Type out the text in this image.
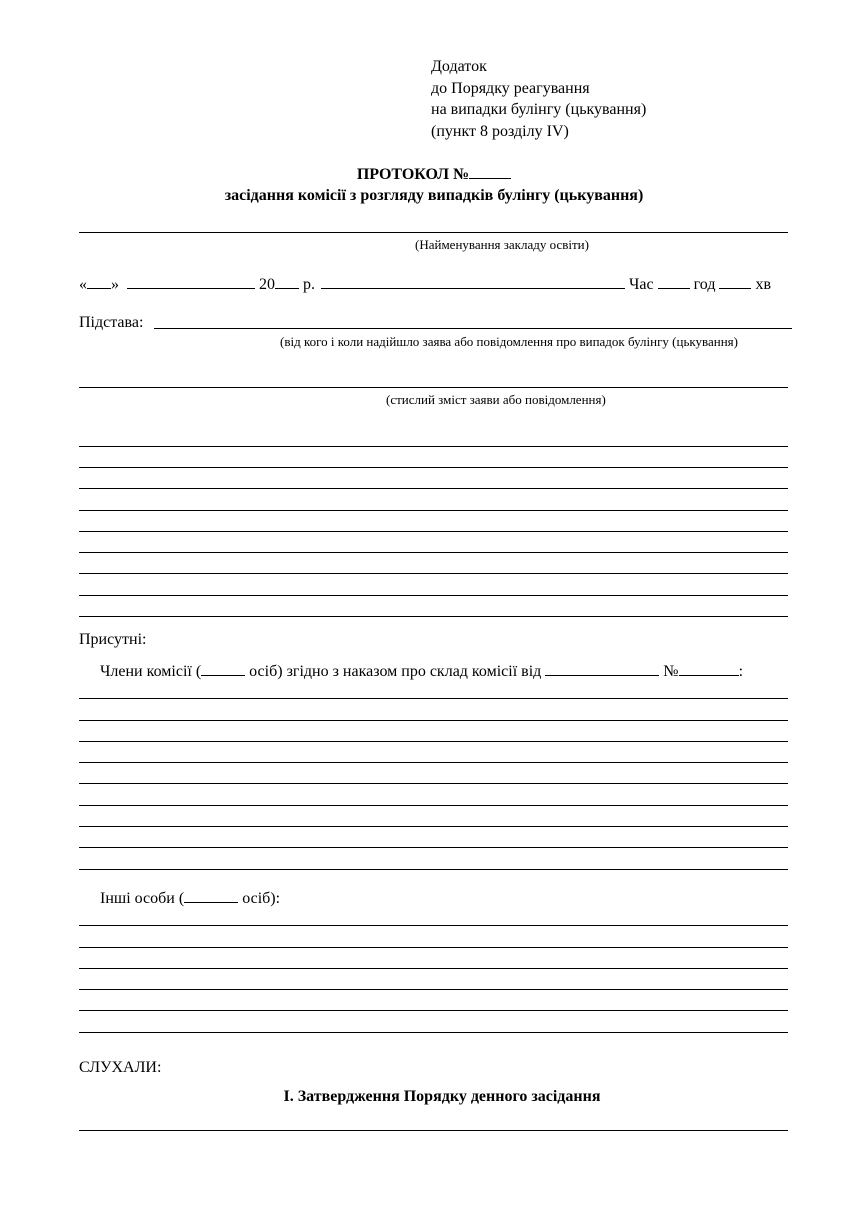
Додаток
до Порядку реагування
на випадки булінгу (цькування)
(пункт 8 розділу IV)
ПРОТОКОЛ №
засідання комісії з розгляду випадків булінгу (цькування)
(Найменування закладу освіти)
« »	20 р.	Час	год	хв
Підстава:
(від кого і коли надійшло заява або повідомлення про випадок булінгу (цькування)
(стислий зміст заяви або повідомлення)
Присутні:
Члени комісії (	осіб) згідно з наказом про склад комісії від	№	:
Інші особи (	осіб):
СЛУХАЛИ:
І. Затвердження Порядку денного засідання
